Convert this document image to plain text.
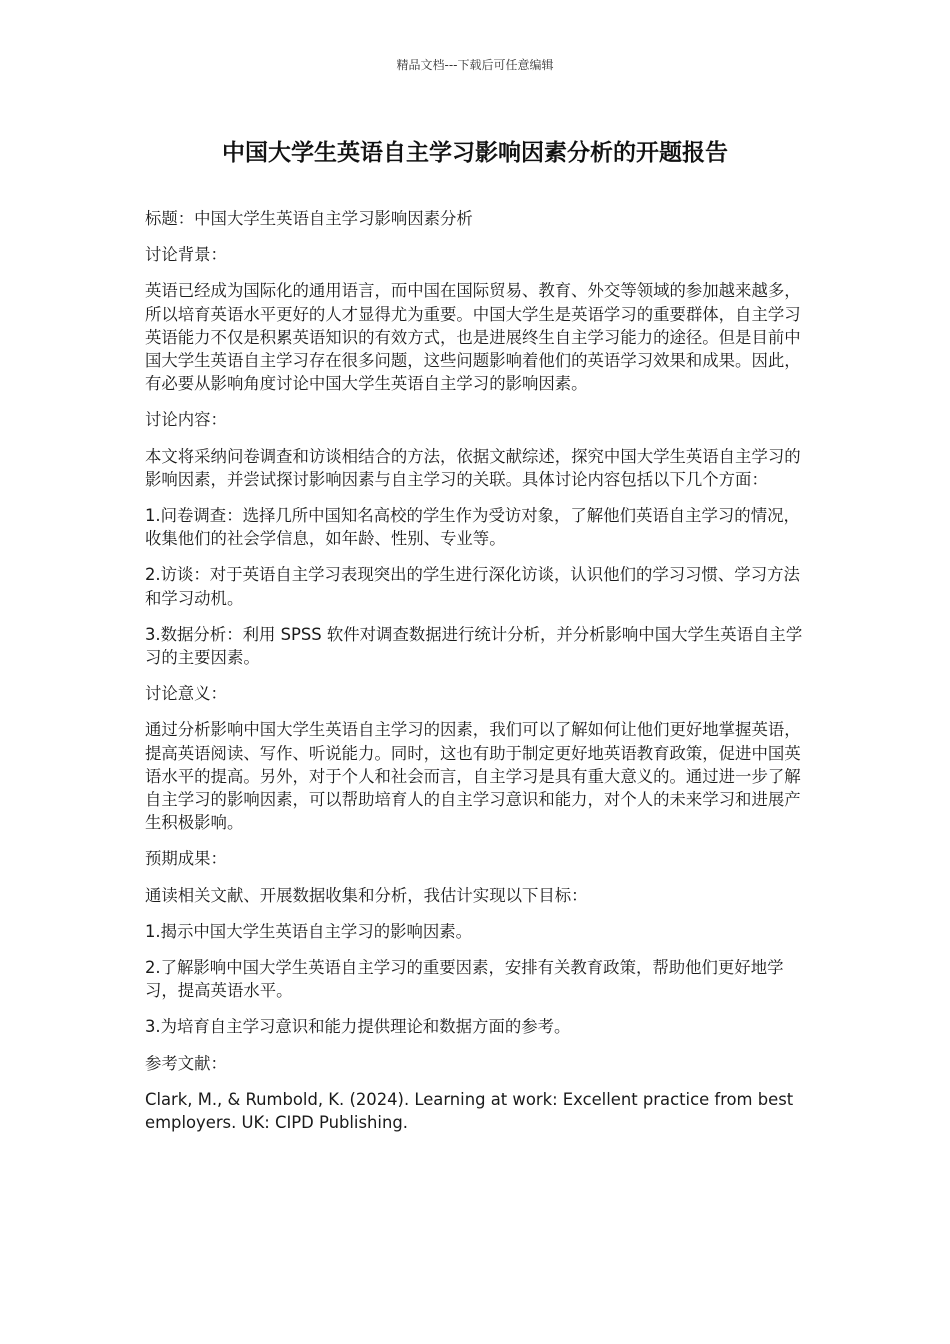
精品文档---下载后可任意编辑
中国大学生英语自主学习影响因素分析的开题报告

标题：中国大学生英语自主学习影响因素分析

讨论背景：

英语已经成为国际化的通用语言，而中国在国际贸易、教育、外交等领域的参加越来越多，所以培育英语水平更好的人才显得尤为重要。中国大学生是英语学习的重要群体，自主学习英语能力不仅是积累英语知识的有效方式，也是进展终生自主学习能力的途径。但是目前中国大学生英语自主学习存在很多问题，这些问题影响着他们的英语学习效果和成果。因此，有必要从影响角度讨论中国大学生英语自主学习的影响因素。

讨论内容：

本文将采纳问卷调查和访谈相结合的方法，依据文献综述，探究中国大学生英语自主学习的影响因素，并尝试探讨影响因素与自主学习的关联。具体讨论内容包括以下几个方面：

1.问卷调查：选择几所中国知名高校的学生作为受访对象，了解他们英语自主学习的情况，收集他们的社会学信息，如年龄、性别、专业等。

2.访谈：对于英语自主学习表现突出的学生进行深化访谈，认识他们的学习习惯、学习方法和学习动机。

3.数据分析：利用 SPSS 软件对调查数据进行统计分析，并分析影响中国大学生英语自主学习的主要因素。

讨论意义：

通过分析影响中国大学生英语自主学习的因素，我们可以了解如何让他们更好地掌握英语，提高英语阅读、写作、听说能力。同时，这也有助于制定更好地英语教育政策，促进中国英语水平的提高。另外，对于个人和社会而言，自主学习是具有重大意义的。通过进一步了解自主学习的影响因素，可以帮助培育人的自主学习意识和能力，对个人的未来学习和进展产生积极影响。

预期成果：

通读相关文献、开展数据收集和分析，我估计实现以下目标：

1.揭示中国大学生英语自主学习的影响因素。

2.了解影响中国大学生英语自主学习的重要因素，安排有关教育政策，帮助他们更好地学习，提高英语水平。

3.为培育自主学习意识和能力提供理论和数据方面的参考。

参考文献：

Clark, M., & Rumbold, K. (2024). Learning at work: Excellent practice from best employers. UK: CIPD Publishing.
